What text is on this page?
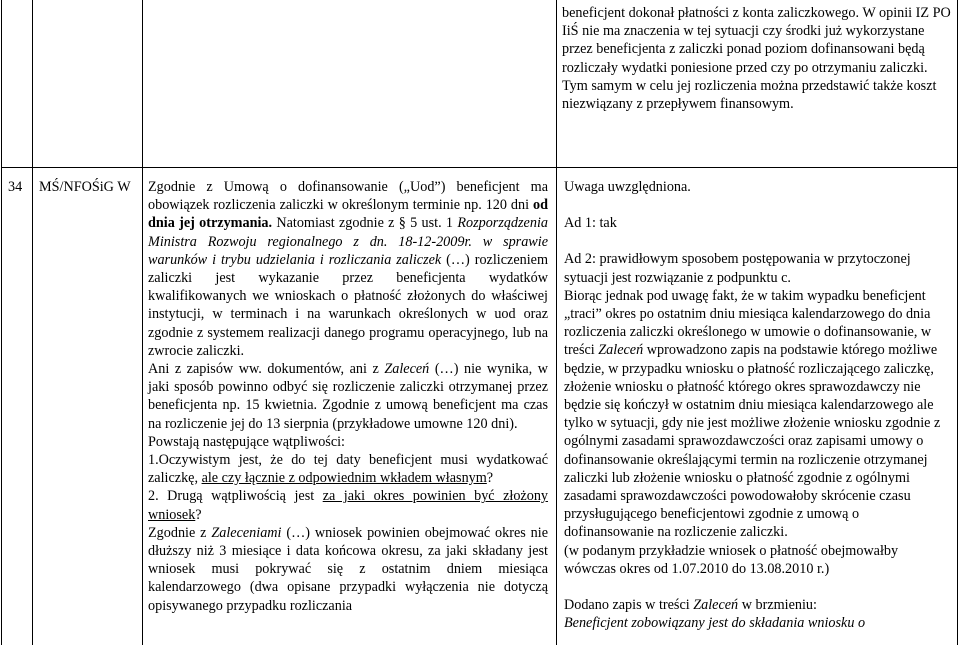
beneficjent dokonał płatności z konta zaliczkowego. W opinii IZ PO IiŚ nie ma znaczenia w tej sytuacji czy środki już wykorzystane przez beneficjenta z zaliczki ponad poziom dofinansowani będą rozliczały wydatki poniesione przed czy po otrzymaniu zaliczki. Tym samym w celu jej rozliczenia można przedstawić także koszt niezwiązany z przepływem finansowym.

34	MŚ/NFOŚiG W	Zgodnie z Umową o dofinansowanie („Uod”) beneficjent ma obowiązek rozliczenia zaliczki w określonym terminie np. 120 dni od dnia jej otrzymania. Natomiast zgodnie z § 5 ust. 1 Rozporządzenia Ministra Rozwoju regionalnego z dn. 18-12-2009r. w sprawie warunków i trybu udzielania i rozliczania zaliczek (…) rozliczeniem zaliczki jest wykazanie przez beneficjenta wydatków kwalifikowanych we wnioskach o płatność złożonych do właściwej instytucji, w terminach i na warunkach określonych w uod oraz zgodnie z systemem realizacji danego programu operacyjnego, lub na zwrocie zaliczki.

Ani z zapisów ww. dokumentów, ani z Zaleceń (…) nie wynika, w jaki sposób powinno odbyć się rozliczenie zaliczki otrzymanej przez beneficjenta np. 15 kwietnia. Zgodnie z umową beneficjent ma czas na rozliczenie jej do 13 sierpnia (przykładowe umowne 120 dni).

Powstają następujące wątpliwości:

1.Oczywistym jest, że do tej daty beneficjent musi wydatkować zaliczkę, ale czy łącznie z odpowiednim wkładem własnym?

2. Drugą wątpliwością jest za jaki okres powinien być złożony wniosek?

Zgodnie z Zaleceniami (…) wniosek powinien obejmować okres nie dłuższy niż 3 miesiące i data końcowa okresu, za jaki składany jest wniosek musi pokrywać się z ostatnim dniem miesiąca kalendarzowego (dwa opisane przypadki wyłączenia nie dotyczą opisywanego przypadku rozliczania

Uwaga uwzględniona.

Ad 1: tak

Ad 2: prawidłowym sposobem postępowania w przytoczonej sytuacji jest rozwiązanie z podpunktu c.

Biorąc jednak pod uwagę fakt, że w takim wypadku beneficjent „traci” okres po ostatnim dniu miesiąca kalendarzowego do dnia rozliczenia zaliczki określonego w umowie o dofinansowanie, w treści Zaleceń wprowadzono zapis na podstawie którego możliwe będzie, w przypadku wniosku o płatność rozliczającego zaliczkę, złożenie wniosku o płatność którego okres sprawozdawczy nie będzie się kończył w ostatnim dniu miesiąca kalendarzowego ale tylko w sytuacji, gdy nie jest możliwe złożenie wniosku zgodnie z ogólnymi zasadami sprawozdawczości oraz zapisami umowy o dofinansowanie określającymi termin na rozliczenie otrzymanej zaliczki lub złożenie wniosku o płatność zgodnie z ogólnymi zasadami sprawozdawczości powodowałoby skrócenie czasu przysługującego beneficjentowi zgodnie z umową o dofinansowanie na rozliczenie zaliczki.

(w podanym przykładzie wniosek o płatność obejmowałby wówczas okres od 1.07.2010 do 13.08.2010 r.)

Dodano zapis w treści Zaleceń w brzmieniu:

Beneficjent zobowiązany jest do składania wniosku o
